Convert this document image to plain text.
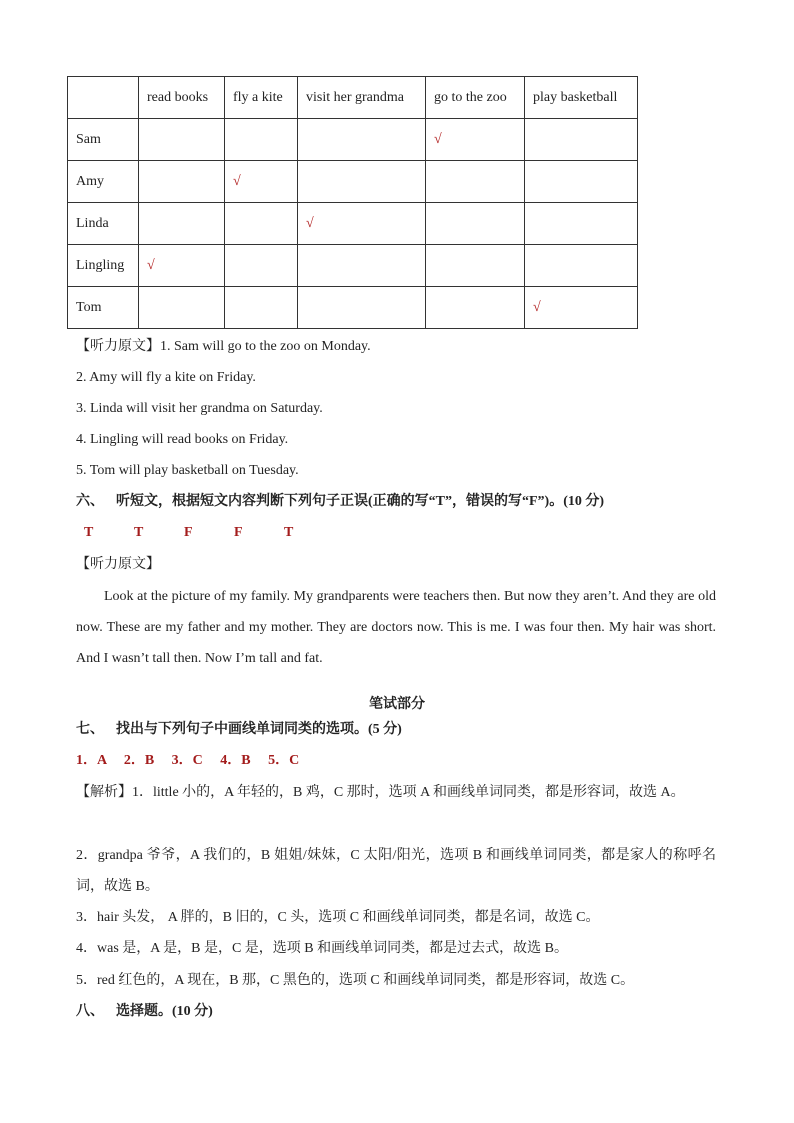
	read books	fly a kite	visit her grandma	go to the zoo	play basketball
Sam				√	
Amy		√			
Linda			√		
Lingling	√				
Tom					√
【听力原文】1. Sam will go to the zoo on Monday.
2. Amy will fly a kite on Friday.
3. Linda will visit her grandma on Saturday.
4. Lingling will read books on Friday.
5. Tom will play basketball on Tuesday.
六、 听短文，根据短文内容判断下列句子正误(正确的写“T”，错误的写“F”)。(10 分)
T	T	F	F	T
【听力原文】
Look at the picture of my family. My grandparents were teachers then. But now they aren’t. And they are old now. These are my father and my mother. They are doctors now. This is me. I was four then. My hair was short. And I wasn’t tall then. Now I’m tall and fat.
笔试部分
七、 找出与下列句子中画线单词同类的选项。(5 分)
1．A     2．B     3．C     4．B     5．C
【解析】1．little 小的，A 年轻的，B 鸡，C 那时，选项 A 和画线单词同类，都是形容词，故选 A。
2．grandpa 爷爷，A 我们的，B 姐姐/妹妹，C 太阳/阳光，选项 B 和画线单词同类，都是家人的称呼名词，故选 B。
3．hair 头发， A 胖的，B 旧的，C 头，选项 C 和画线单词同类，都是名词，故选 C。
4．was 是，A 是，B 是，C 是，选项 B 和画线单词同类，都是过去式，故选 B。
5．red 红色的，A 现在，B 那，C 黑色的，选项 C 和画线单词同类，都是形容词，故选 C。
八、 选择题。(10 分)
